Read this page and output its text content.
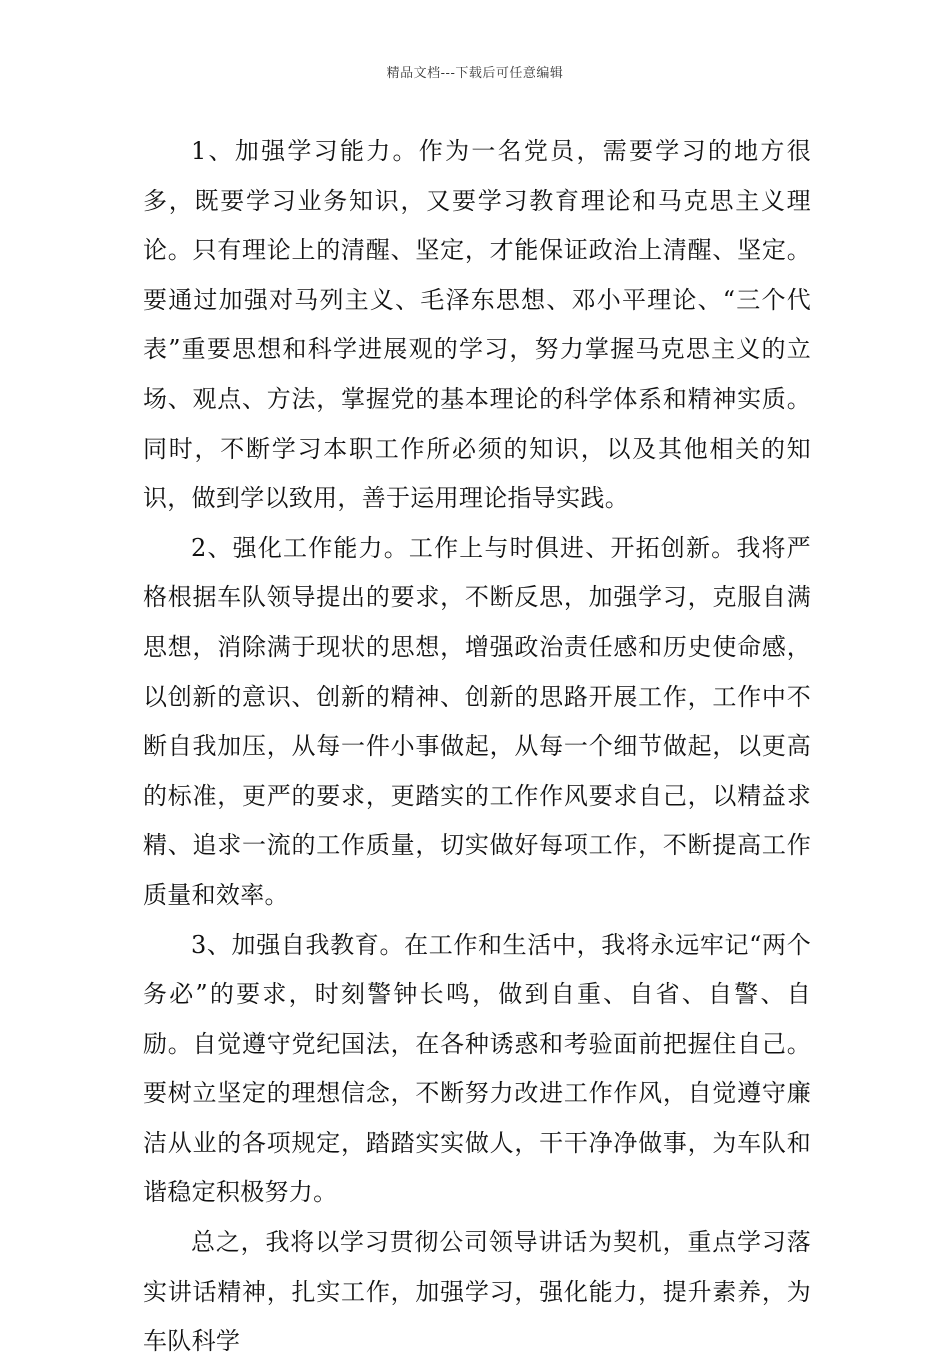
精品文档---下载后可任意编辑

1、加强学习能力。作为一名党员，需要学习的地方很多，既要学习业务知识，又要学习教育理论和马克思主义理论。只有理论上的清醒、坚定，才能保证政治上清醒、坚定。要通过加强对马列主义、毛泽东思想、邓小平理论、“三个代表”重要思想和科学进展观的学习，努力掌握马克思主义的立场、观点、方法，掌握党的基本理论的科学体系和精神实质。同时，不断学习本职工作所必须的知识，以及其他相关的知识，做到学以致用，善于运用理论指导实践。

2、强化工作能力。工作上与时俱进、开拓创新。我将严格根据车队领导提出的要求，不断反思，加强学习，克服自满思想，消除满于现状的思想，增强政治责任感和历史使命感，以创新的意识、创新的精神、创新的思路开展工作，工作中不断自我加压，从每一件小事做起，从每一个细节做起，以更高的标准，更严的要求，更踏实的工作作风要求自己，以精益求精、追求一流的工作质量，切实做好每项工作，不断提高工作质量和效率。

3、加强自我教育。在工作和生活中，我将永远牢记“两个务必”的要求，时刻警钟长鸣，做到自重、自省、自警、自励。自觉遵守党纪国法，在各种诱惑和考验面前把握住自己。要树立坚定的理想信念，不断努力改进工作作风，自觉遵守廉洁从业的各项规定，踏踏实实做人，干干净净做事，为车队和谐稳定积极努力。

总之，我将以学习贯彻公司领导讲话为契机，重点学习落实讲话精神，扎实工作，加强学习，强化能力，提升素养，为车队科学
